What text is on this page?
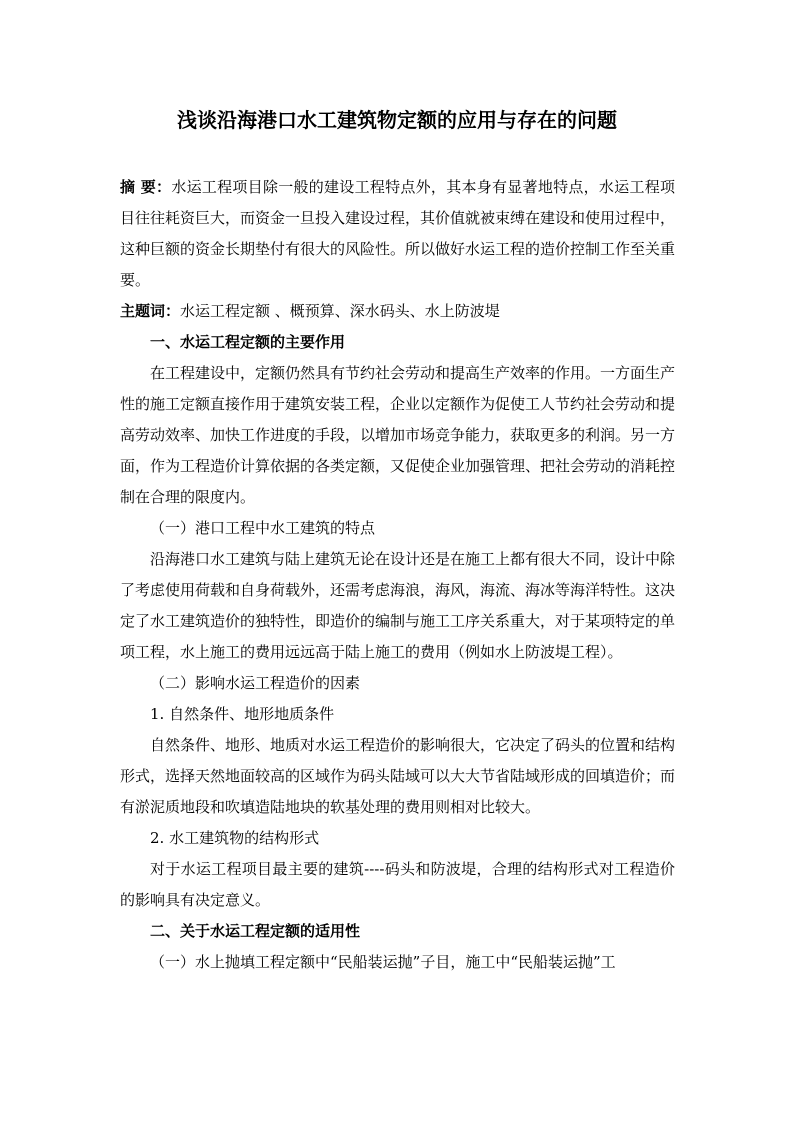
浅谈沿海港口水工建筑物定额的应用与存在的问题

摘 要：水运工程项目除一般的建设工程特点外，其本身有显著地特点，水运工程项目往往耗资巨大，而资金一旦投入建设过程，其价值就被束缚在建设和使用过程中，这种巨额的资金长期垫付有很大的风险性。所以做好水运工程的造价控制工作至关重要。

主题词：水运工程定额 、概预算、深水码头、水上防波堤

一、水运工程定额的主要作用

在工程建设中，定额仍然具有节约社会劳动和提高生产效率的作用。一方面生产性的施工定额直接作用于建筑安装工程，企业以定额作为促使工人节约社会劳动和提高劳动效率、加快工作进度的手段，以增加市场竞争能力，获取更多的利润。另一方面，作为工程造价计算依据的各类定额，又促使企业加强管理、把社会劳动的消耗控制在合理的限度内。

（一）港口工程中水工建筑的特点

沿海港口水工建筑与陆上建筑无论在设计还是在施工上都有很大不同，设计中除了考虑使用荷载和自身荷载外，还需考虑海浪，海风，海流、海冰等海洋特性。这决定了水工建筑造价的独特性，即造价的编制与施工工序关系重大，对于某项特定的单项工程，水上施工的费用远远高于陆上施工的费用（例如水上防波堤工程）。

（二）影响水运工程造价的因素

1. 自然条件、地形地质条件

自然条件、地形、地质对水运工程造价的影响很大，它决定了码头的位置和结构形式，选择天然地面较高的区域作为码头陆域可以大大节省陆域形成的回填造价；而有淤泥质地段和吹填造陆地块的软基处理的费用则相对比较大。

2. 水工建筑物的结构形式

对于水运工程项目最主要的建筑----码头和防波堤，合理的结构形式对工程造价的影响具有决定意义。

二、关于水运工程定额的适用性

（一）水上抛填工程定额中“民船装运抛”子目，施工中“民船装运抛”工
